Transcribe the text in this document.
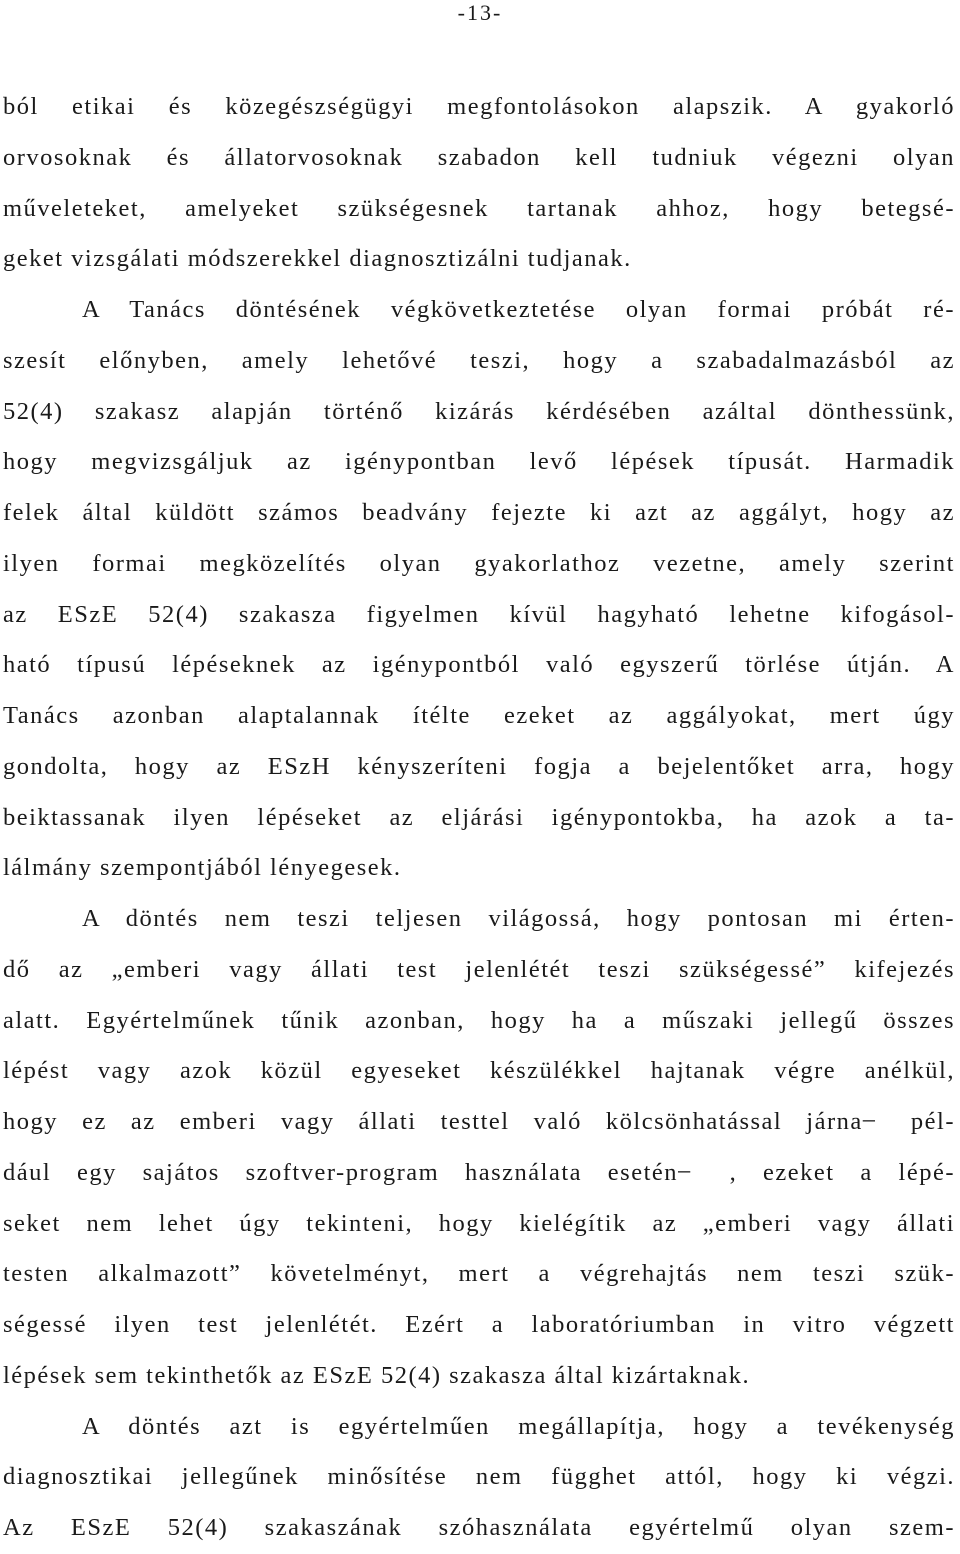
-13-
ból etikai és közegészségügyi megfontolásokon alapszik. A gyakorló
orvosoknak és állatorvosoknak szabadon kell tudniuk végezni olyan
műveleteket, amelyeket szükségesnek tartanak ahhoz, hogy betegsé-
geket vizsgálati módszerekkel diagnosztizálni tudjanak.
A Tanács döntésének végkövetkeztetése olyan formai próbát ré-
szesít előnyben, amely lehetővé teszi, hogy a szabadalmazásból az
52(4) szakasz alapján történő kizárás kérdésében azáltal dönthessünk,
hogy megvizsgáljuk az igénypontban levő lépések típusát. Harmadik
felek által küldött számos beadvány fejezte ki azt az aggályt, hogy az
ilyen formai megközelítés olyan gyakorlathoz vezetne, amely szerint
az ESzE 52(4) szakasza figyelmen kívül hagyható lehetne kifogásol-
ható típusú lépéseknek az igénypontból való egyszerű törlése útján. A
Tanács azonban alaptalannak ítélte ezeket az aggályokat, mert úgy
gondolta, hogy az ESzH kényszeríteni fogja a bejelentőket arra, hogy
beiktassanak ilyen lépéseket az eljárási igénypontokba, ha azok a ta-
lálmány szempontjából lényegesek.
A döntés nem teszi teljesen világossá, hogy pontosan mi érten-
dő az „emberi vagy állati test jelenlétét teszi szükségessé” kifejezés
alatt. Egyértelműnek tűnik azonban, hogy ha a műszaki jellegű összes
lépést vagy azok közül egyeseket készülékkel hajtanak végre anélkül,
hogy ez az emberi vagy állati testtel való kölcsönhatással járna ̶ pél-
dául egy sajátos szoftver-program használata esetén ̶ , ezeket a lépé-
seket nem lehet úgy tekinteni, hogy kielégítik az „emberi vagy állati
testen alkalmazott” követelményt, mert a végrehajtás nem teszi szük-
ségessé ilyen test jelenlétét. Ezért a laboratóriumban in vitro végzett
lépések sem tekinthetők az ESzE 52(4) szakasza által kizártaknak.
A döntés azt is egyértelműen megállapítja, hogy a tevékenység
diagnosztikai jellegűnek minősítése nem függhet attól, hogy ki végzi.
Az ESzE 52(4) szakaszának szóhasználata egyértelmű olyan szem-
